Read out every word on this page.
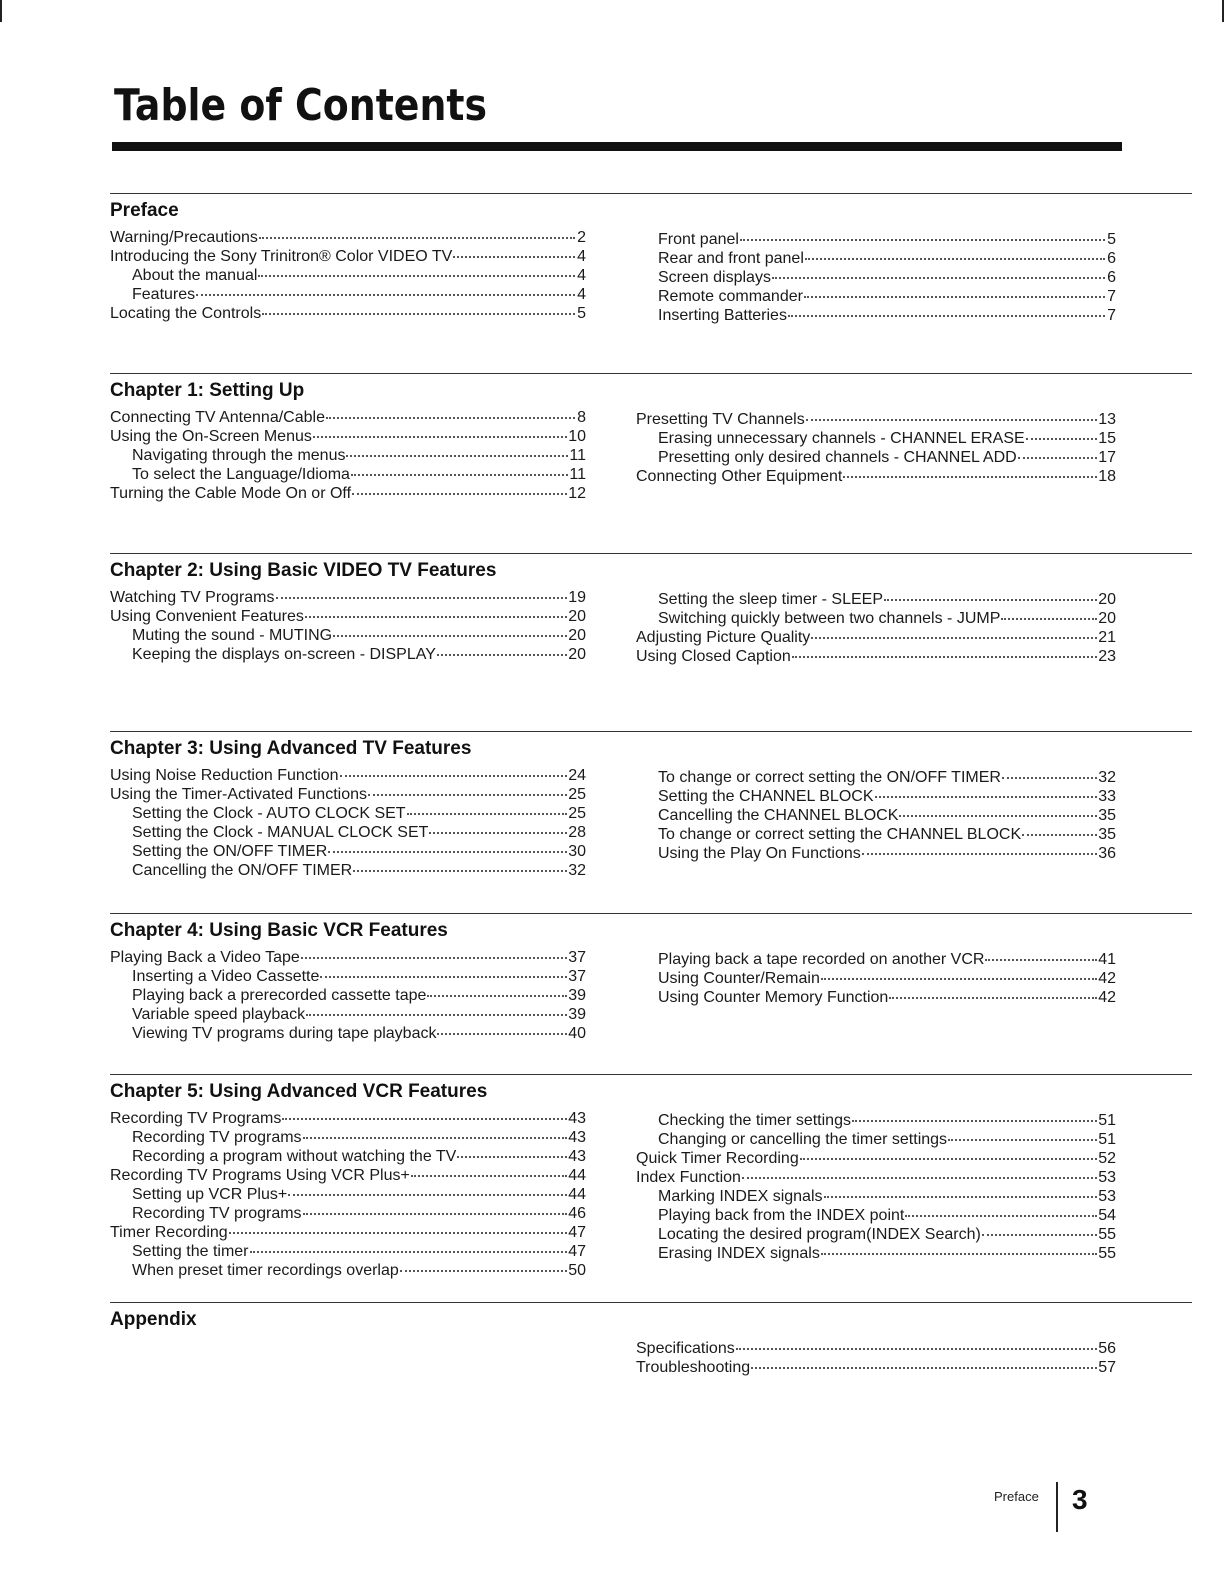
Table of Contents
Preface
Warning/Precautions	2
Introducing the Sony Trinitron® Color VIDEO TV	4
About the manual	4
Features	4
Locating the Controls	5
Front panel	5
Rear and front panel	6
Screen displays	6
Remote commander	7
Inserting Batteries	7
Chapter 1: Setting Up
Connecting TV Antenna/Cable	8
Using the On-Screen Menus	10
Navigating through the menus	11
To select the Language/Idioma	11
Turning the Cable Mode On or Off	12
Presetting TV Channels	13
Erasing unnecessary channels - CHANNEL ERASE	15
Presetting only desired channels - CHANNEL ADD	17
Connecting Other Equipment	18
Chapter 2: Using Basic VIDEO TV Features
Watching TV Programs	19
Using Convenient Features	20
Muting the sound - MUTING	20
Keeping the displays on-screen - DISPLAY	20
Setting the sleep timer - SLEEP	20
Switching quickly between two channels - JUMP	20
Adjusting Picture Quality	21
Using Closed Caption	23
Chapter 3: Using Advanced TV Features
Using Noise Reduction Function	24
Using the Timer-Activated Functions	25
Setting the Clock - AUTO CLOCK SET	25
Setting the Clock - MANUAL CLOCK SET	28
Setting the ON/OFF TIMER	30
Cancelling the ON/OFF TIMER	32
To change or correct setting the ON/OFF TIMER	32
Setting the CHANNEL BLOCK	33
Cancelling the CHANNEL BLOCK	35
To change or correct setting the CHANNEL BLOCK	35
Using the Play On Functions	36
Chapter 4: Using Basic VCR Features
Playing Back a Video Tape	37
Inserting a Video Cassette	37
Playing back a prerecorded cassette tape	39
Variable speed playback	39
Viewing TV programs during tape playback	40
Playing back a tape recorded on another VCR	41
Using Counter/Remain	42
Using Counter Memory Function	42
Chapter 5: Using Advanced VCR Features
Recording TV Programs	43
Recording TV programs	43
Recording a program without watching the TV	43
Recording TV Programs Using VCR Plus+	44
Setting up VCR Plus+	44
Recording TV programs	46
Timer Recording	47
Setting the timer	47
When preset timer recordings overlap	50
Checking the timer settings	51
Changing or cancelling the timer settings	51
Quick Timer Recording	52
Index Function	53
Marking INDEX signals	53
Playing back from the INDEX point	54
Locating the desired program(INDEX Search)	55
Erasing INDEX signals	55
Appendix
Specifications	56
Troubleshooting	57
Preface 3
